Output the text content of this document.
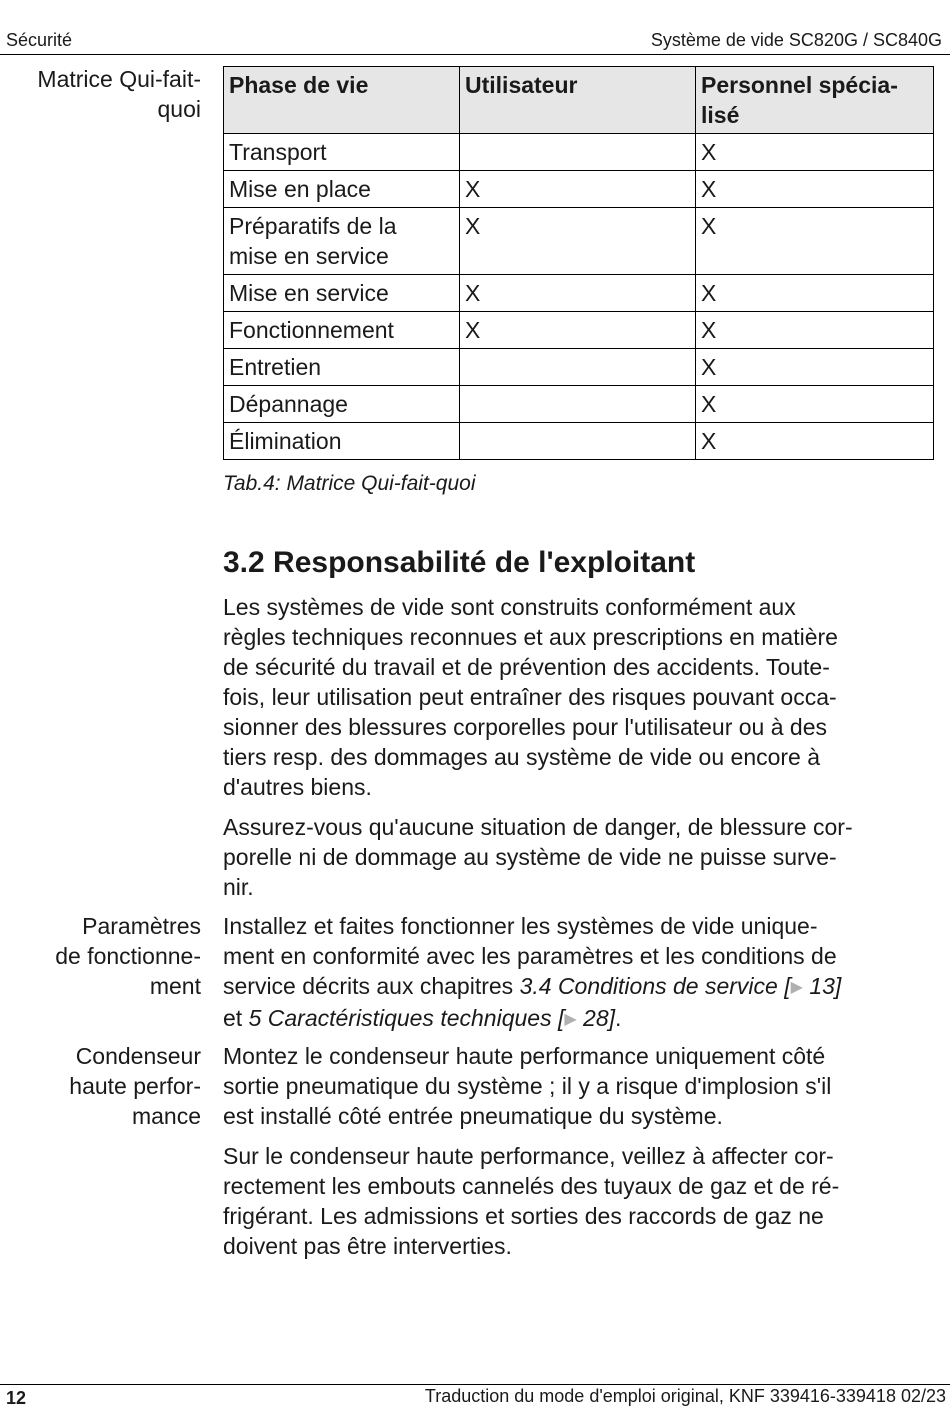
Sécurité	Système de vide SC820G / SC840G
Matrice Qui-fait-
quoi
Phase de vie	Utilisateur	Personnel spécia-
lisé

Transport		X
Mise en place	X	X

Préparatifs de la
mise en service	X	X
Mise en service	X	X
Fonctionnement	X	X
Entretien		X
Dépannage		X
Élimination		X
Tab.4: Matrice Qui-fait-quoi
3.2 Responsabilité de l'exploitant
Les systèmes de vide sont construits conformément aux
règles techniques reconnues et aux prescriptions en matière
de sécurité du travail et de prévention des accidents. Toute-
fois, leur utilisation peut entraîner des risques pouvant occa-
sionner des blessures corporelles pour l'utilisateur ou à des
tiers resp. des dommages au système de vide ou encore à
d'autres biens.
Assurez-vous qu'aucune situation de danger, de blessure cor-
porelle ni de dommage au système de vide ne puisse surve-
nir.
Paramètres
de fonctionne-
ment
Installez et faites fonctionner les systèmes de vide unique-
ment en conformité avec les paramètres et les conditions de
service décrits aux chapitres 3.4 Conditions de service [▶ 13]
et 5 Caractéristiques techniques [▶ 28].
Condenseur
haute perfor-
mance
Montez le condenseur haute performance uniquement côté
sortie pneumatique du système ; il y a risque d'implosion s'il
est installé côté entrée pneumatique du système.
Sur le condenseur haute performance, veillez à affecter cor-
rectement les embouts cannelés des tuyaux de gaz et de ré-
frigérant. Les admissions et sorties des raccords de gaz ne
doivent pas être interverties.
12	Traduction du mode d'emploi original, KNF 339416-339418 02/23
